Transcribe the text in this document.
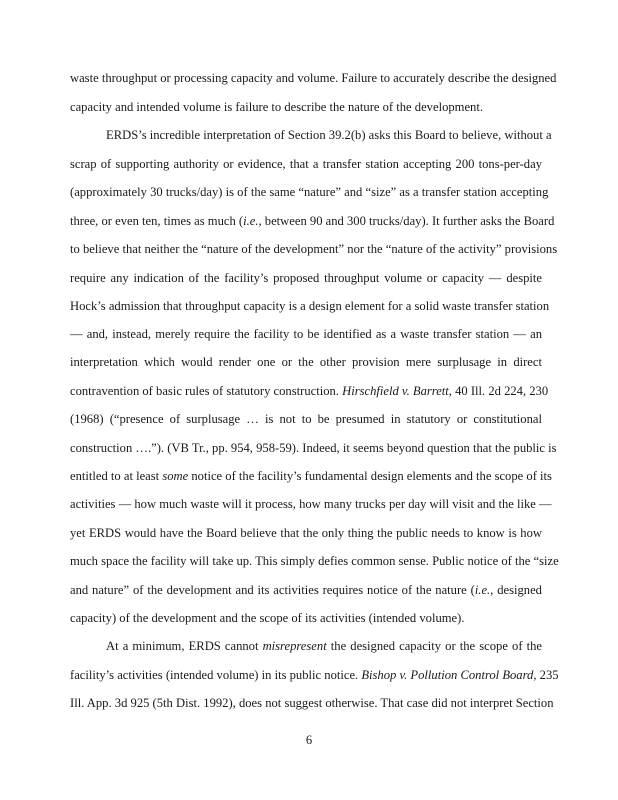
waste throughput or processing capacity and volume. Failure to accurately describe the designed
capacity and intended volume is failure to describe the nature of the development.
ERDS’s incredible interpretation of Section 39.2(b) asks this Board to believe, without a
scrap of supporting authority or evidence, that a transfer station accepting 200 tons-per-day
(approximately 30 trucks/day) is of the same “nature” and “size” as a transfer station accepting
three, or even ten, times as much (i.e., between 90 and 300 trucks/day). It further asks the Board
to believe that neither the “nature of the development” nor the “nature of the activity” provisions
require any indication of the facility’s proposed throughput volume or capacity — despite
Hock’s admission that throughput capacity is a design element for a solid waste transfer station
— and, instead, merely require the facility to be identified as a waste transfer station — an
interpretation which would render one or the other provision mere surplusage in direct
contravention of basic rules of statutory construction. Hirschfield v. Barrett, 40 Ill. 2d 224, 230
(1968) (“presence of surplusage … is not to be presumed in statutory or constitutional
construction ….”). (VB Tr., pp. 954, 958-59). Indeed, it seems beyond question that the public is
entitled to at least some notice of the facility’s fundamental design elements and the scope of its
activities — how much waste will it process, how many trucks per day will visit and the like —
yet ERDS would have the Board believe that the only thing the public needs to know is how
much space the facility will take up. This simply defies common sense. Public notice of the “size
and nature” of the development and its activities requires notice of the nature (i.e., designed
capacity) of the development and the scope of its activities (intended volume).
At a minimum, ERDS cannot misrepresent the designed capacity or the scope of the
facility’s activities (intended volume) in its public notice. Bishop v. Pollution Control Board, 235
Ill. App. 3d 925 (5th Dist. 1992), does not suggest otherwise. That case did not interpret Section
6
